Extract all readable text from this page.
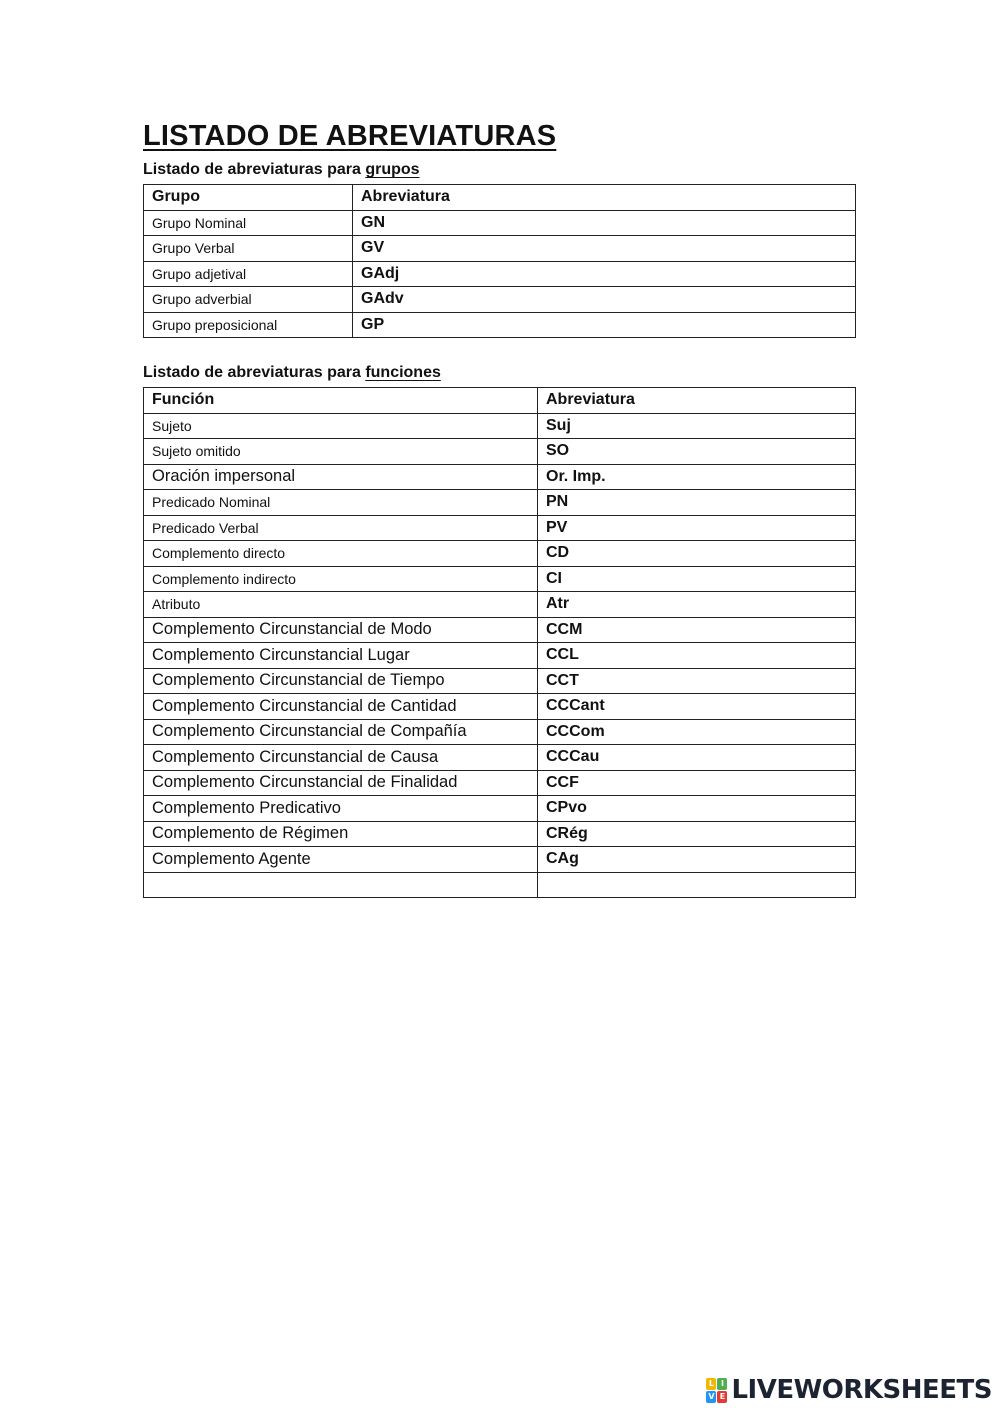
LISTADO DE ABREVIATURAS

Listado de abreviaturas para grupos

Grupo	Abreviatura
Grupo Nominal	GN
Grupo Verbal	GV
Grupo adjetival	GAdj
Grupo adverbial	GAdv
Grupo preposicional	GP

Listado de abreviaturas para funciones

Función	Abreviatura
Sujeto	Suj
Sujeto omitido	SO
Oración impersonal	Or. Imp.
Predicado Nominal	PN
Predicado Verbal	PV
Complemento directo	CD
Complemento indirecto	CI
Atributo	Atr
Complemento Circunstancial de Modo	CCM
Complemento Circunstancial Lugar	CCL
Complemento Circunstancial de Tiempo	CCT
Complemento Circunstancial de Cantidad	CCCant
Complemento Circunstancial de Compañía	CCCom
Complemento Circunstancial de Causa	CCCau
Complemento Circunstancial de Finalidad	CCF
Complemento Predicativo	CPvo
Complemento de Régimen	CRég
Complemento Agente	CAg

L I
V E LIVEWORKSHEETS
